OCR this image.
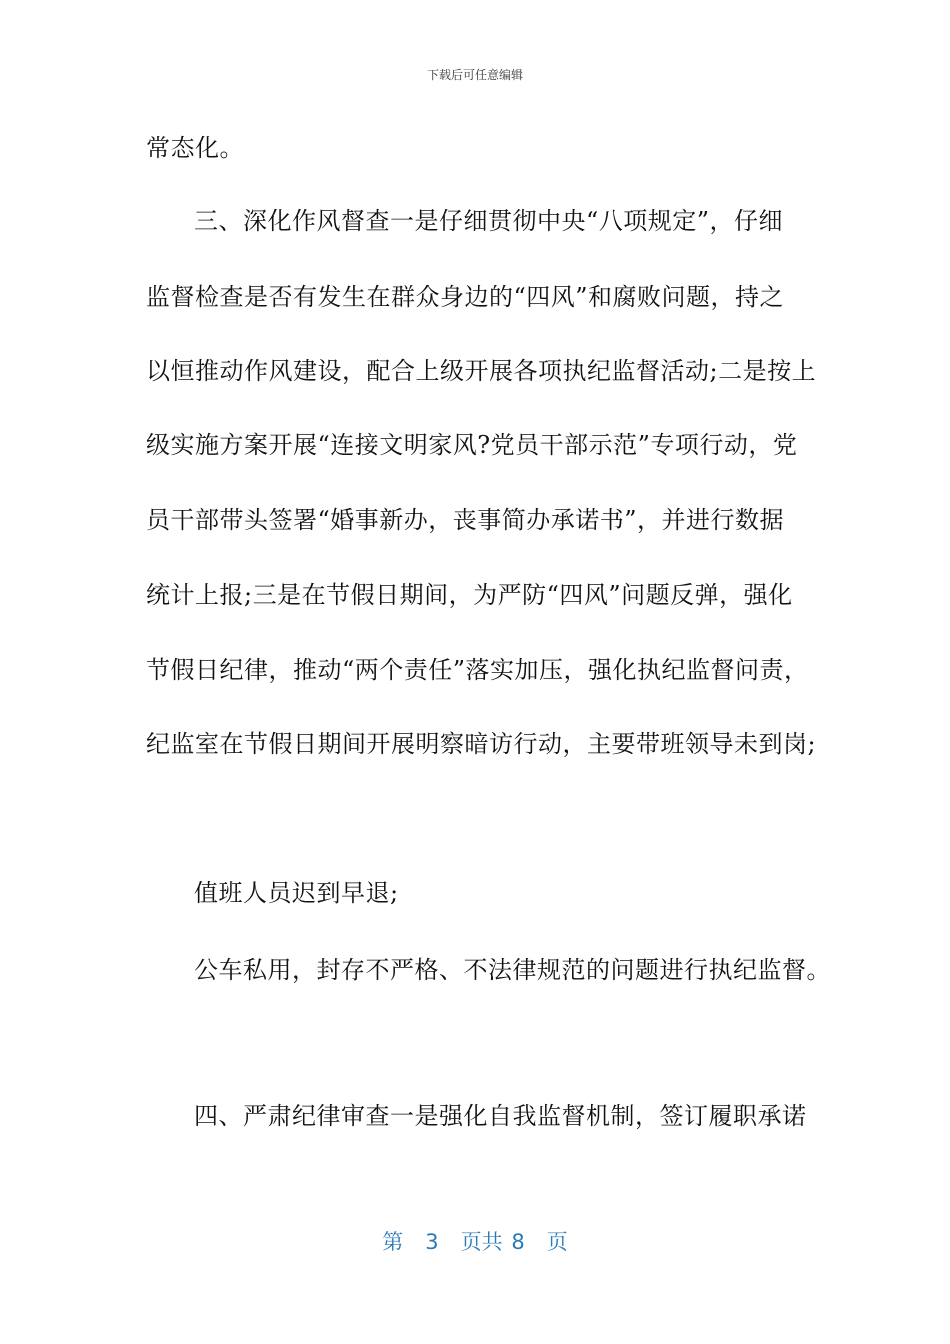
下载后可任意编辑
常态化。
三、深化作风督查一是仔细贯彻中央“八项规定”，仔细
监督检查是否有发生在群众身边的“四风”和腐败问题，持之
以恒推动作风建设，配合上级开展各项执纪监督活动;二是按上
级实施方案开展“连接文明家风?党员干部示范”专项行动，党
员干部带头签署“婚事新办，丧事简办承诺书”，并进行数据
统计上报;三是在节假日期间，为严防“四风”问题反弹，强化
节假日纪律，推动“两个责任”落实加压，强化执纪监督问责，
纪监室在节假日期间开展明察暗访行动，主要带班领导未到岗;
值班人员迟到早退;
公车私用，封存不严格、不法律规范的问题进行执纪监督。
四、严肃纪律审查一是强化自我监督机制，签订履职承诺
第 3 页共 8 页
